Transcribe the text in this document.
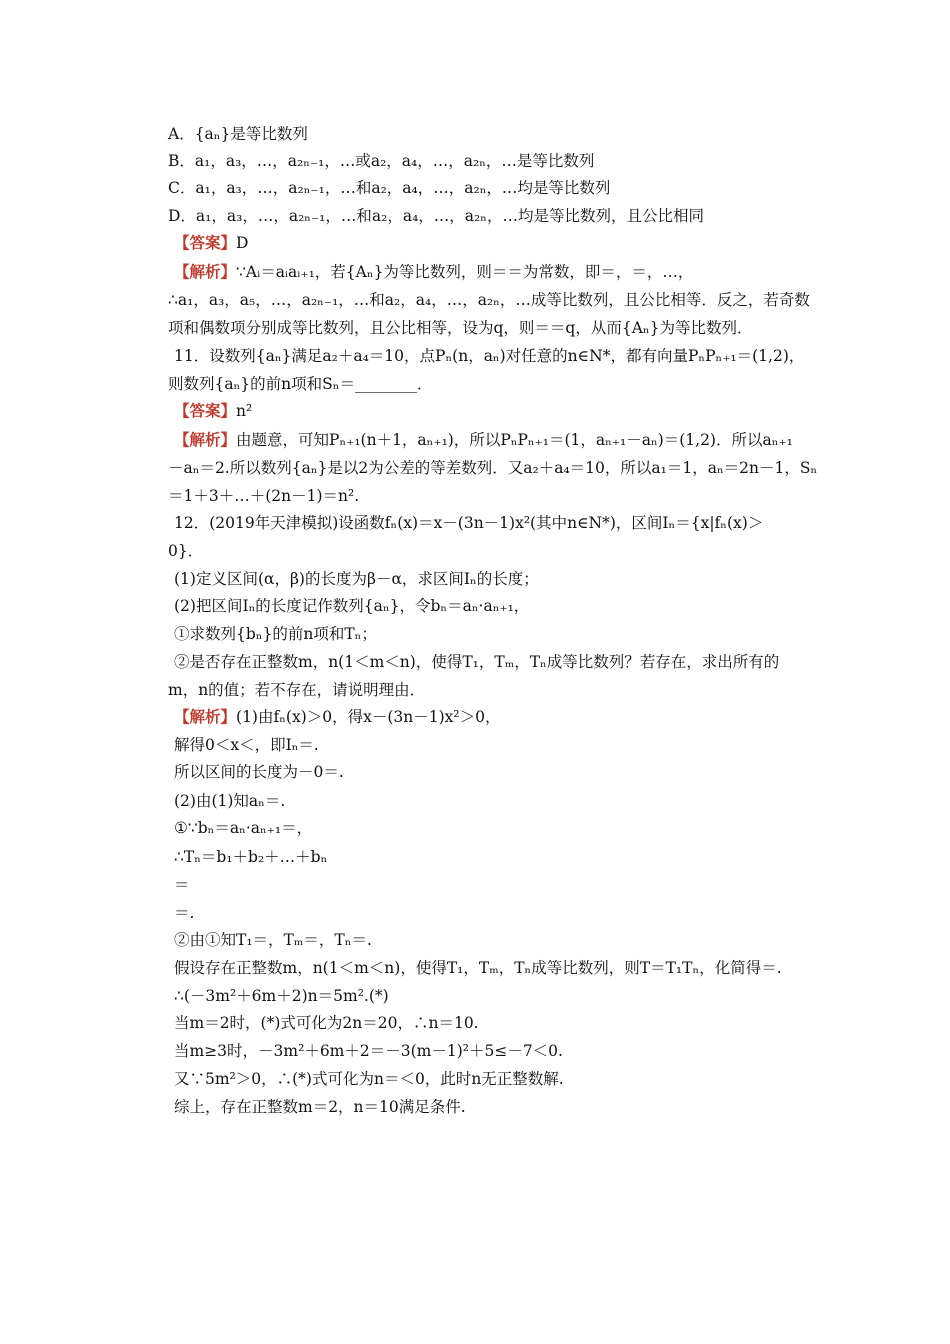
A．{aₙ}是等比数列
B．a₁，a₃，…，a₂ₙ₋₁，…或a₂，a₄，…，a₂ₙ，…是等比数列
C．a₁，a₃，…，a₂ₙ₋₁，…和a₂，a₄，…，a₂ₙ，…均是等比数列
D．a₁，a₃，…，a₂ₙ₋₁，…和a₂，a₄，…，a₂ₙ，…均是等比数列，且公比相同
【答案】D
【解析】∵Aᵢ＝aᵢaᵢ₊₁，若{Aₙ}为等比数列，则＝＝为常数，即＝，＝，…，
∴a₁，a₃，a₅，…，a₂ₙ₋₁，…和a₂，a₄，…，a₂ₙ，…成等比数列，且公比相等．反之，若奇数
项和偶数项分别成等比数列，且公比相等，设为q，则＝＝q，从而{Aₙ}为等比数列．
11．设数列{aₙ}满足a₂＋a₄＝10，点Pₙ(n，aₙ)对任意的n∈N*，都有向量PₙPₙ₊₁＝(1,2)，
则数列{aₙ}的前n项和Sₙ＝________．
【答案】n²
【解析】由题意，可知Pₙ₊₁(n＋1，aₙ₊₁)，所以PₙPₙ₊₁＝(1，aₙ₊₁－aₙ)＝(1,2)．所以aₙ₊₁
－aₙ＝2.所以数列{aₙ}是以2为公差的等差数列．又a₂＋a₄＝10，所以a₁＝1，aₙ＝2n－1，Sₙ
＝1＋3＋…＋(2n－1)＝n².
12．(2019年天津模拟)设函数fₙ(x)＝x－(3n－1)x²(其中n∈N*)，区间Iₙ＝{x|fₙ(x)＞
0}．
(1)定义区间(α，β)的长度为β－α，求区间Iₙ的长度；
(2)把区间Iₙ的长度记作数列{aₙ}，令bₙ＝aₙ·aₙ₊₁，
①求数列{bₙ}的前n项和Tₙ；
②是否存在正整数m，n(1＜m＜n)，使得T₁，Tₘ，Tₙ成等比数列？若存在，求出所有的
m，n的值；若不存在，请说明理由．
【解析】(1)由fₙ(x)＞0，得x－(3n－1)x²＞0，
解得0＜x＜，即Iₙ＝.
所以区间的长度为－0＝.
(2)由(1)知aₙ＝.
①∵bₙ＝aₙ·aₙ₊₁＝，
∴Tₙ＝b₁＋b₂＋…＋bₙ
＝
＝.
②由①知T₁＝，Tₘ＝，Tₙ＝.
假设存在正整数m，n(1＜m＜n)，使得T₁，Tₘ，Tₙ成等比数列，则T＝T₁Tₙ，化简得＝.
∴(－3m²＋6m＋2)n＝5m².(*)
当m＝2时，(*)式可化为2n＝20，∴n＝10.
当m≥3时，－3m²＋6m＋2＝－3(m－1)²＋5≤－7＜0.
又∵5m²＞0，∴(*)式可化为n＝＜0，此时n无正整数解.
综上，存在正整数m＝2，n＝10满足条件.
